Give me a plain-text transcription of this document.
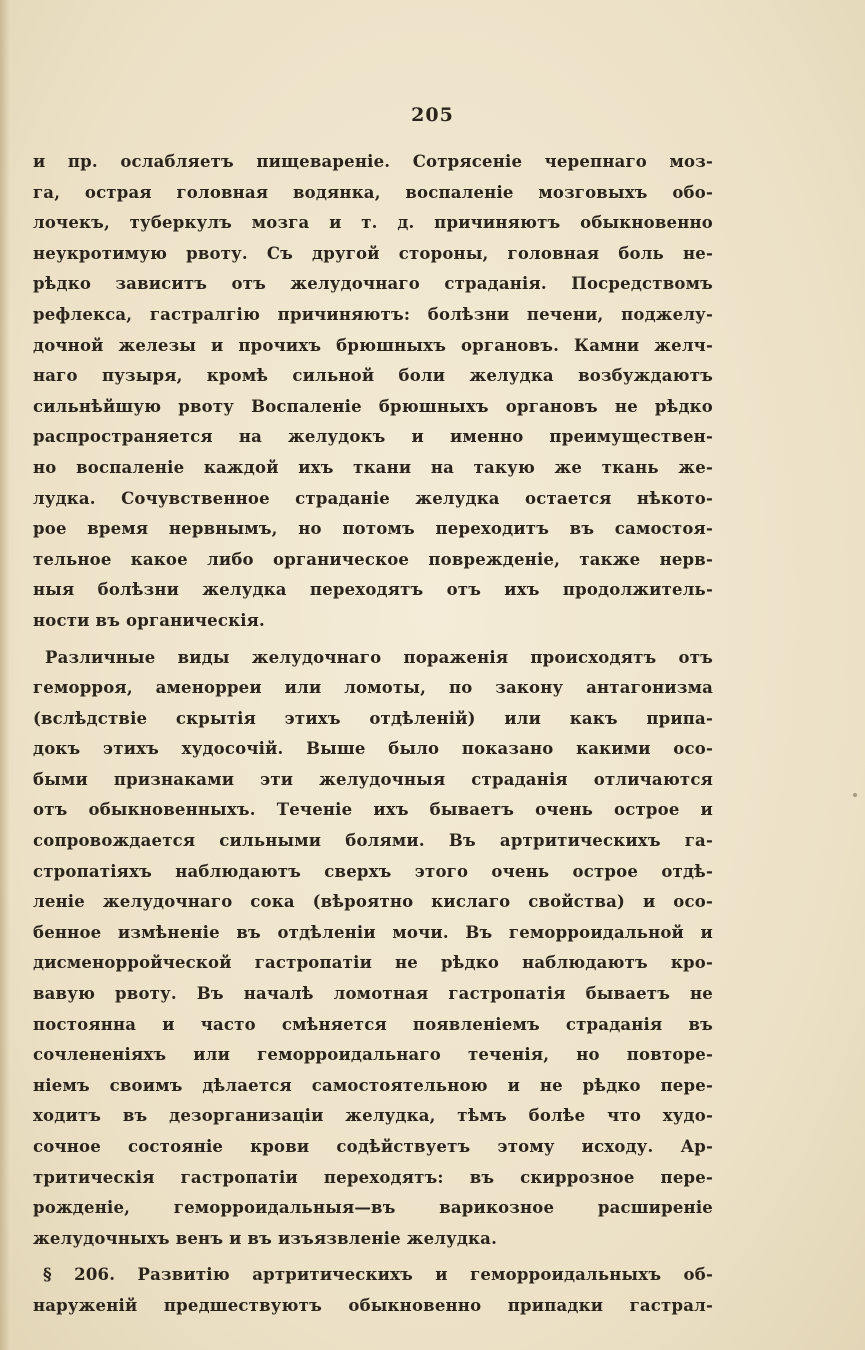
205
и пр. ослабляетъ пищевареніе. Сотрясеніе черепнаго моз-
га, острая головная водянка, воспаленіе мозговыхъ обо-
лочекъ, туберкулъ мозга и т. д. причиняютъ обыкновенно
неукротимую рвоту. Съ другой стороны, головная боль не-
рѣдко зависитъ отъ желудочнаго страданія. Посредствомъ
рефлекса, гастралгію причиняютъ: болѣзни печени, поджелу-
дочной железы и прочихъ брюшныхъ органовъ. Камни желч-
наго пузыря, кромѣ сильной боли желудка возбуждаютъ
сильнѣйшую рвоту Воспаленіе брюшныхъ органовъ не рѣдко
распространяется на желудокъ и именно преимуществен-
но воспаленіе каждой ихъ ткани на такую же ткань же-
лудка. Сочувственное страданіе желудка остается нѣкото-
рое время нервнымъ, но потомъ переходитъ въ самостоя-
тельное какое либо органическое поврежденіе, также нерв-
ныя болѣзни желудка переходятъ отъ ихъ продолжитель-
ности въ органическія.
Различные виды желудочнаго пораженія происходятъ отъ
геморроя, аменорреи или ломоты, по закону антагонизма
(вслѣдствіе скрытія этихъ отдѣленій) или какъ припа-
докъ этихъ худосочій. Выше было показано какими осо-
быми признаками эти желудочныя страданія отличаются
отъ обыкновенныхъ. Теченіе ихъ бываетъ очень острое и
сопровождается сильными болями. Въ артритическихъ га-
стропатіяхъ наблюдаютъ сверхъ этого очень острое отдѣ-
леніе желудочнаго сока (вѣроятно кислаго свойства) и осо-
бенное измѣненіе въ отдѣленіи мочи. Въ геморроидальной и
дисменорройческой гастропатіи не рѣдко наблюдаютъ кро-
вавую рвоту. Въ началѣ ломотная гастропатія бываетъ не
постоянна и часто смѣняется появленіемъ страданія въ
сочлененіяхъ или геморроидальнаго теченія, но повторе-
ніемъ своимъ дѣлается самостоятельною и не рѣдко пере-
ходитъ въ дезорганизаціи желудка, тѣмъ болѣе что худо-
сочное состояніе крови содѣйствуетъ этому исходу. Ар-
тритическія гастропатіи переходятъ: въ скиррозное пере-
рожденіе, геморроидальныя—въ варикозное расширеніе
желудочныхъ венъ и въ изъязвленіе желудка.
§ 206. Развитію артритическихъ и геморроидальныхъ об-
наруженій предшествуютъ обыкновенно припадки гастрал-
